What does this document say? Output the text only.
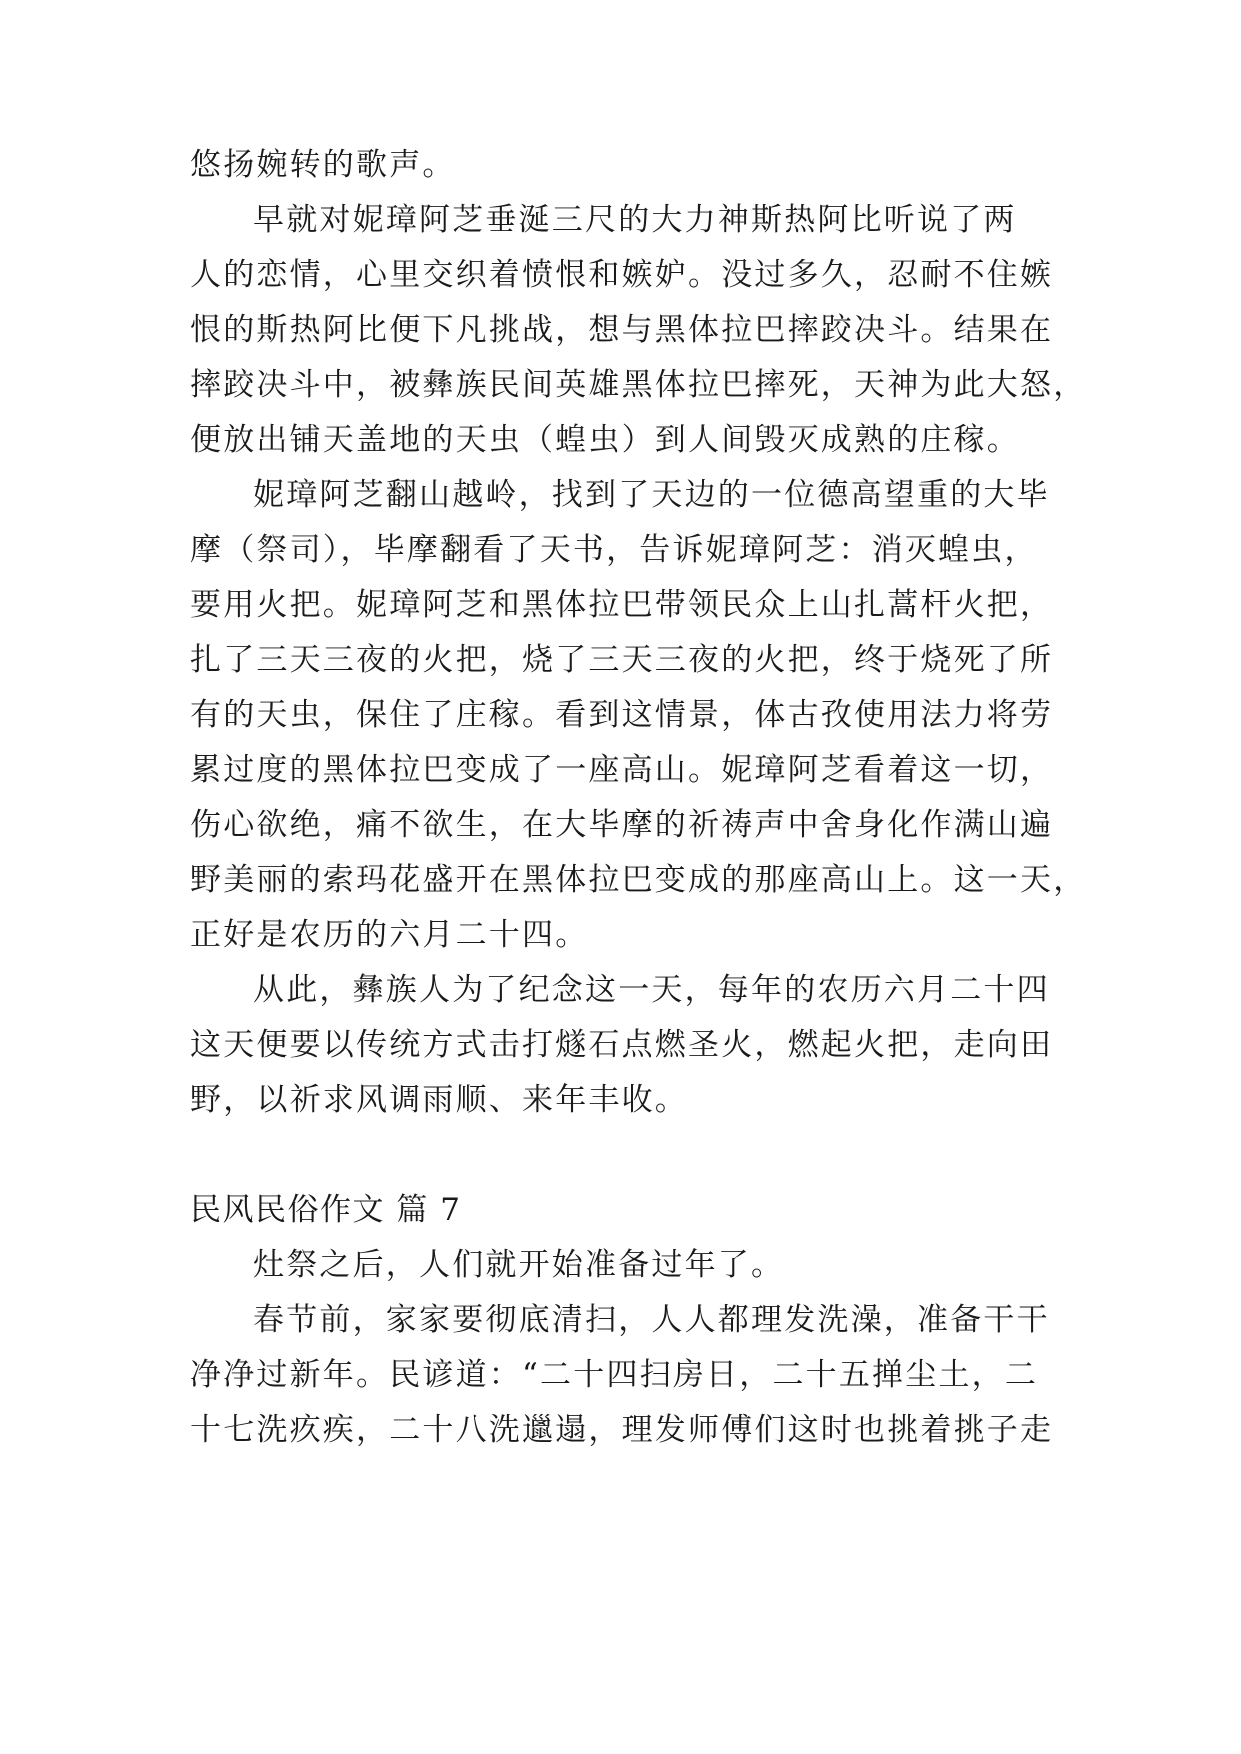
悠扬婉转的歌声。
早就对妮璋阿芝垂涎三尺的大力神斯热阿比听说了两
人的恋情，心里交织着愤恨和嫉妒。没过多久，忍耐不住嫉
恨的斯热阿比便下凡挑战，想与黑体拉巴摔跤决斗。结果在
摔跤决斗中，被彝族民间英雄黑体拉巴摔死，天神为此大怒，
便放出铺天盖地的天虫（蝗虫）到人间毁灭成熟的庄稼。
妮璋阿芝翻山越岭，找到了天边的一位德高望重的大毕
摩（祭司），毕摩翻看了天书，告诉妮璋阿芝：消灭蝗虫，
要用火把。妮璋阿芝和黑体拉巴带领民众上山扎蒿杆火把，
扎了三天三夜的火把，烧了三天三夜的火把，终于烧死了所
有的天虫，保住了庄稼。看到这情景，体古孜使用法力将劳
累过度的黑体拉巴变成了一座高山。妮璋阿芝看着这一切，
伤心欲绝，痛不欲生，在大毕摩的祈祷声中舍身化作满山遍
野美丽的索玛花盛开在黑体拉巴变成的那座高山上。这一天，
正好是农历的六月二十四。
从此，彝族人为了纪念这一天，每年的农历六月二十四
这天便要以传统方式击打燧石点燃圣火，燃起火把，走向田
野，以祈求风调雨顺、来年丰收。
民风民俗作文 篇 7
灶祭之后，人们就开始准备过年了。
春节前，家家要彻底清扫，人人都理发洗澡，准备干干
净净过新年。民谚道：“二十四扫房日，二十五掸尘土，二
十七洗疚疾，二十八洗邋遢，理发师傅们这时也挑着挑子走
